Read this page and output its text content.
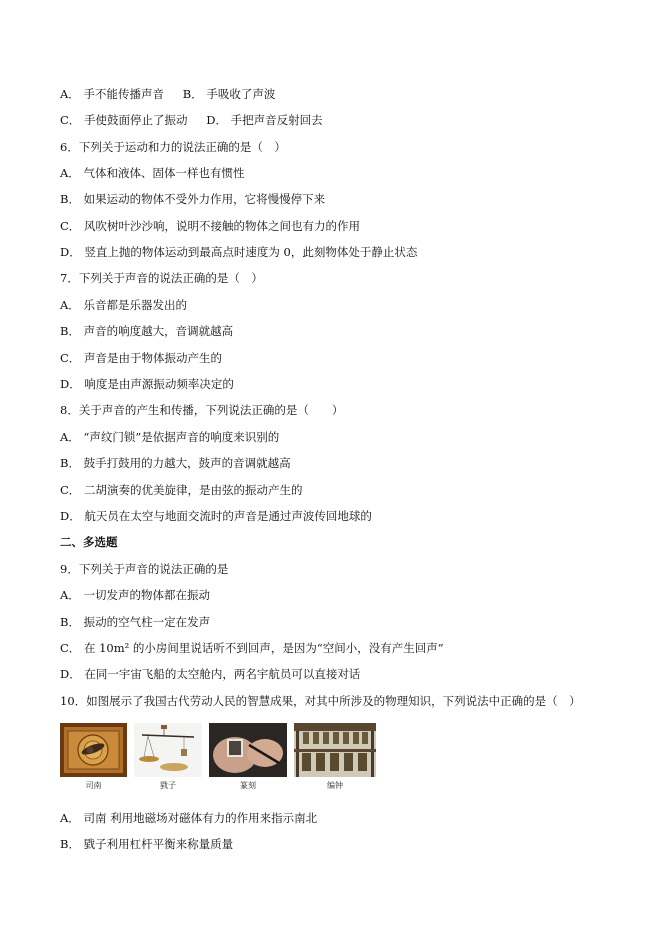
A． 手不能传播声音 　 B． 手吸收了声波
C． 手使鼓面停止了振动 　 D． 手把声音反射回去
6．下列关于运动和力的说法正确的是（　）
A． 气体和液体、固体一样也有惯性
B． 如果运动的物体不受外力作用，它将慢慢停下来
C． 风吹树叶沙沙响，说明不接触的物体之间也有力的作用
D． 竖直上抛的物体运动到最高点时速度为 0，此刻物体处于静止状态
7．下列关于声音的说法正确的是（　）
A． 乐音都是乐器发出的
B． 声音的响度越大，音调就越高
C． 声音是由于物体振动产生的
D． 响度是由声源振动频率决定的
8．关于声音的产生和传播，下列说法正确的是（　　）
A． “声纹门锁”是依据声音的响度来识别的
B． 鼓手打鼓用的力越大，鼓声的音调就越高
C． 二胡演奏的优美旋律，是由弦的振动产生的
D． 航天员在太空与地面交流时的声音是通过声波传回地球的
二、多选题
9．下列关于声音的说法正确的是
A． 一切发声的物体都在振动
B． 振动的空气柱一定在发声
C． 在 10m² 的小房间里说话听不到回声，是因为“空间小，没有产生回声”
D． 在同一宇宙飞船的太空舱内，两名宇航员可以直接对话
10．如图展示了我国古代劳动人民的智慧成果，对其中所涉及的物理知识，下列说法中正确的是（　）
司南	戥子	篆刻	编钟
A． 司南 利用地磁场对磁体有力的作用来指示南北
B． 戥子利用杠杆平衡来称量质量
